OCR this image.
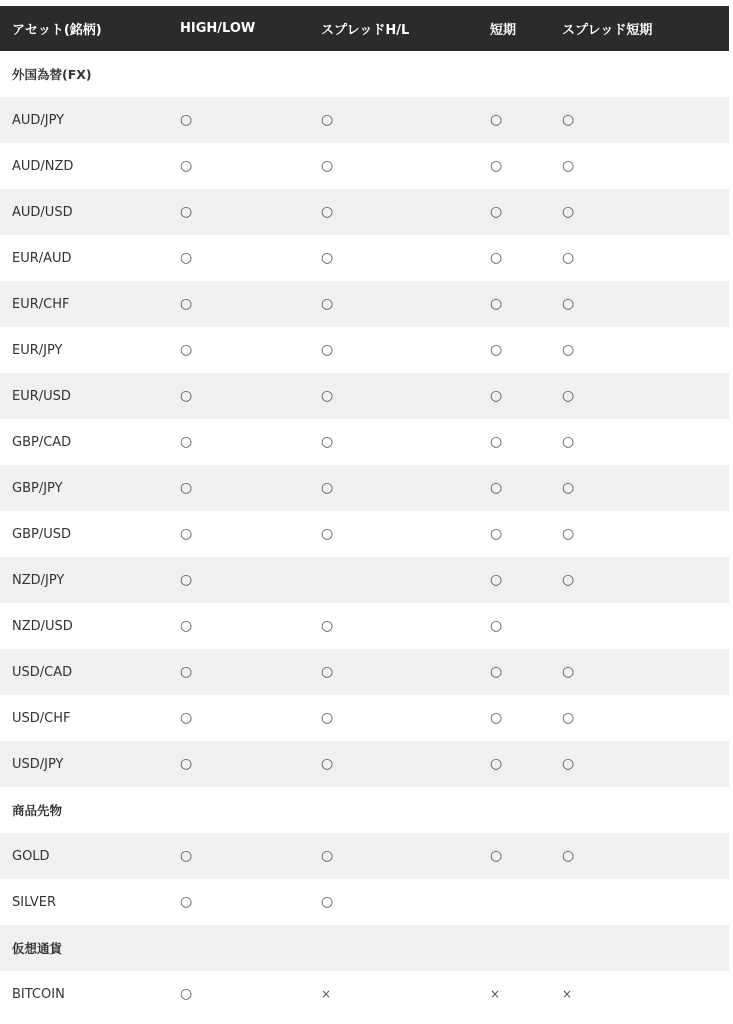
アセット(銘柄)	HIGH/LOW	スプレッドH/L	短期	スプレッド短期
外国為替(FX)				
AUD/JPY	○	○	○	○
AUD/NZD	○	○	○	○
AUD/USD	○	○	○	○
EUR/AUD	○	○	○	○
EUR/CHF	○	○	○	○
EUR/JPY	○	○	○	○
EUR/USD	○	○	○	○
GBP/CAD	○	○	○	○
GBP/JPY	○	○	○	○
GBP/USD	○	○	○	○
NZD/JPY	○		○	○
NZD/USD	○	○	○	
USD/CAD	○	○	○	○
USD/CHF	○	○	○	○
USD/JPY	○	○	○	○
商品先物				
GOLD	○	○	○	○
SILVER	○	○		
仮想通貨				
BITCOIN	○	×	×	×
